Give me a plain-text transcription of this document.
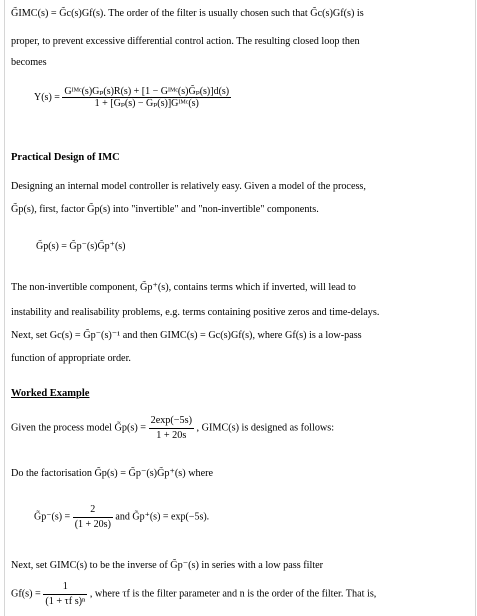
G̃IMC(s) = G̃c(s)Gf(s). The order of the filter is usually chosen such that G̃c(s)Gf(s) is
proper, to prevent excessive differential control action. The resulting closed loop then
becomes
$Y(s) = \frac{\text{Gᴵᴹᶜ(s)Gₚ(s)R(s) + [1 − Gᴵᴹᶜ(s)G̃ₚ(s)]d(s)}}{\text{1 + [Gₚ(s) − G̃ₚ(s)]Gᴵᴹᶜ(s)}}$
Practical Design of IMC
Designing an internal model controller is relatively easy. Given a model of the process,
G̃p(s), first, factor G̃p(s) into "invertible" and "non-invertible" components.
G̃p(s) = G̃p⁻(s)G̃p⁺(s)
The non-invertible component, G̃p⁺(s), contains terms which if inverted, will lead to
instability and realisability problems, e.g. terms containing positive zeros and time-delays.
Next, set Gc(s) = G̃p⁻(s)⁻¹ and then GIMC(s) = Gc(s)Gf(s), where Gf(s) is a low-pass
function of appropriate order.
Worked Example
Given the process model G̃p(s) = $\frac{2\exp(-5s)}{1 + 20s}$ , GIMC(s) is designed as follows:
Do the factorisation G̃p(s) = G̃p⁻(s)G̃p⁺(s) where
G̃p⁻(s) = $\frac{2}{(1 + 20s)}$ and G̃p⁺(s) = exp(−5s).
Next, set GIMC(s) to be the inverse of G̃p⁻(s) in series with a low pass filter
$Gf(s) = \frac{1}{\text{(1 + τf s)ⁿ}}$ , where τf is the filter parameter and n is the order of the filter. That is,
